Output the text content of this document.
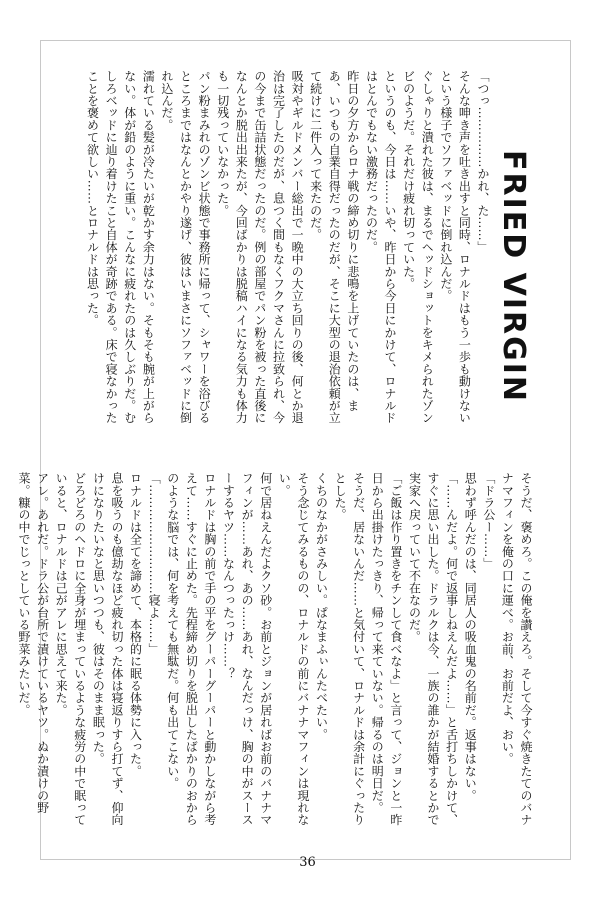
FRIED VIRGIN

「つっ……………かれ、た……」

そんな呻き声を吐き出すと同時、ロナルドはもう一歩も動けないという様子でソファベッドに倒れ込んだ。

ぐしゃりと潰れた彼は、まるでヘッドショットをキメられたゾンビのようだ。それだけ疲れ切っていた。

というのも、今日は……いや、昨日から今日にかけて、ロナルドはとんでもない激務だったのだ。

昨日の夕方からロナ戦の締め切りに悲鳴を上げていたのは、まあ、いつもの自業自得だったのだが、そこに大型の退治依頼が立て続けに二件入って来たのだ。

吸対やギルドメンバー総出で一晩中の大立ち回りの後、何とか退治は完了したのだが、息つく間もなくフクマさんに拉致られ、今の今まで缶詰状態だったのだ。例の部屋でパン粉を被った直後になんとか脱出出来たが、今回ばかりは脱稿ハイになる気力も体力も一切残っていなかった。

パン粉まみれのゾンビ状態で事務所に帰って、シャワーを浴びるところまではなんとかやり遂げ、彼はいまさにソファベッドに倒れ込んだ。

濡れている髪が冷たいが乾かす余力はない。そもそも腕が上がらない。体が鉛のように重い。こんなに疲れたのは久しぶりだ。むしろベッドに辿り着けたこと自体が奇跡である。床で寝なかったことを褒めて欲しい……とロナルドは思った。

そうだ、褒めろ。この俺を讃えろ。そして今すぐ焼きたてのバナナマフィンを俺の口に運べ。お前、お前だよ、おい。

「ドラ公ー……」

思わず呼んだのは、同居人の吸血鬼の名前だ。返事はない。

「……んだよ。何で返事しねえんだよ……」と舌打ちしかけて、すぐに思い出した。ドラルクは今、一族の誰かが結婚するとかで実家へ戻っていて不在なのだ。

「ご飯は作り置きをチンして食べなよ」と言って、ジョンと一昨日から出掛けたっきり、帰って来ていない。帰るのは明日だ。

そうだ、居ないんだ……と気付いて、ロナルドは余計にぐったりとした。

くちのなかがさみしい。ぱなまふぃんたべたい。

そう念じてみるものの、ロナルドの前にバナナマフィンは現れない。

何で居ねえんだよクソ砂。お前とジョンが居ればお前のバナナマフィンが……あれ、あの……あれ、なんだっけ、胸の中がスースーするヤツ……なんつったっけ……？

ロナルドは胸の前で手の平をグーパーグーパーと動かしながら考えて……すぐに止めた。先程締め切りを脱出したばかりのおからのような脳では、何を考えても無駄だ。何も出てこない。

「………………………寝よ……」

ロナルドは全てを諦めて、本格的に眠る体勢に入った。

息を吸うのも億劫なほど疲れ切った体は寝返りすら打てず、仰向けになりたいなと思いつつも、彼はそのまま眠った。

どろどろのヘドロに全身が埋まっているような疲労の中で眠っていると、ロナルドは己がアレに思えて来た。

アレ。あれだ。ドラ公が台所で漬けているヤツ。ぬか漬けの野菜。糠の中でじっとしている野菜みたいだ。

36
